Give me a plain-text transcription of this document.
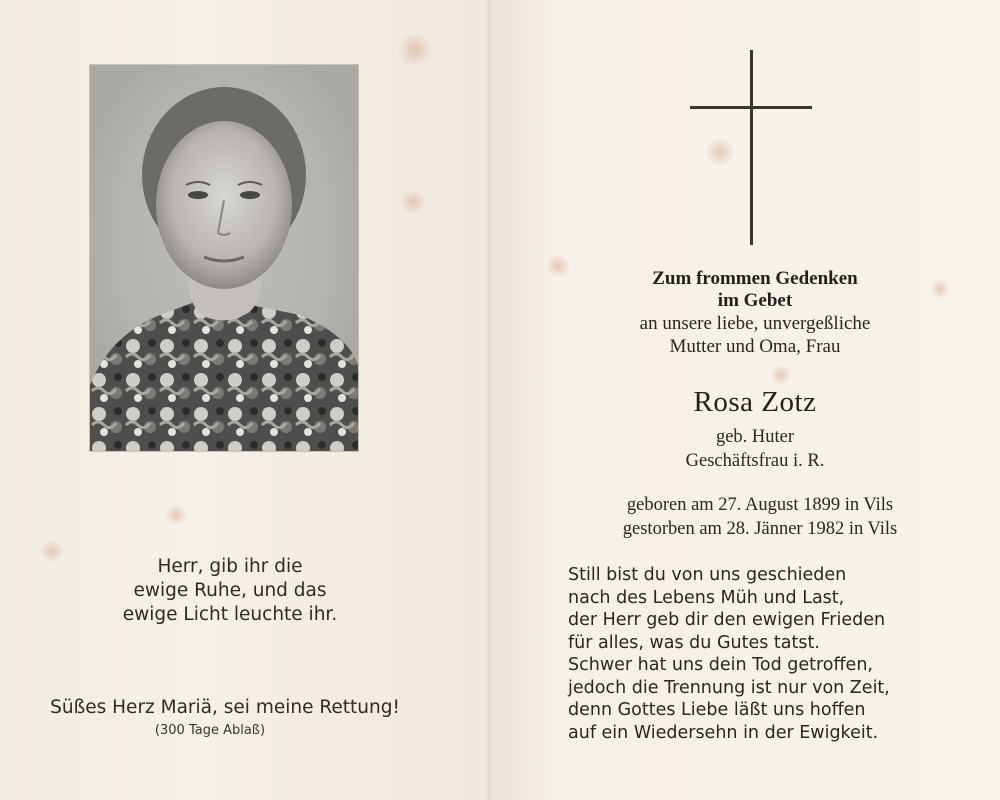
Herr, gib ihr die
ewige Ruhe, und das
ewige Licht leuchte ihr.
Süßes Herz Mariä, sei meine Rettung!
(300 Tage Ablaß)
Zum frommen Gedenken
im Gebet
an unsere liebe, unvergeßliche
Mutter und Oma, Frau
Rosa Zotz
geb. Huter
Geschäftsfrau i. R.
geboren am 27. August 1899 in Vils
gestorben am 28. Jänner 1982 in Vils
Still bist du von uns geschieden
nach des Lebens Müh und Last,
der Herr geb dir den ewigen Frieden
für alles, was du Gutes tatst.
Schwer hat uns dein Tod getroffen,
jedoch die Trennung ist nur von Zeit,
denn Gottes Liebe läßt uns hoffen
auf ein Wiedersehn in der Ewigkeit.
